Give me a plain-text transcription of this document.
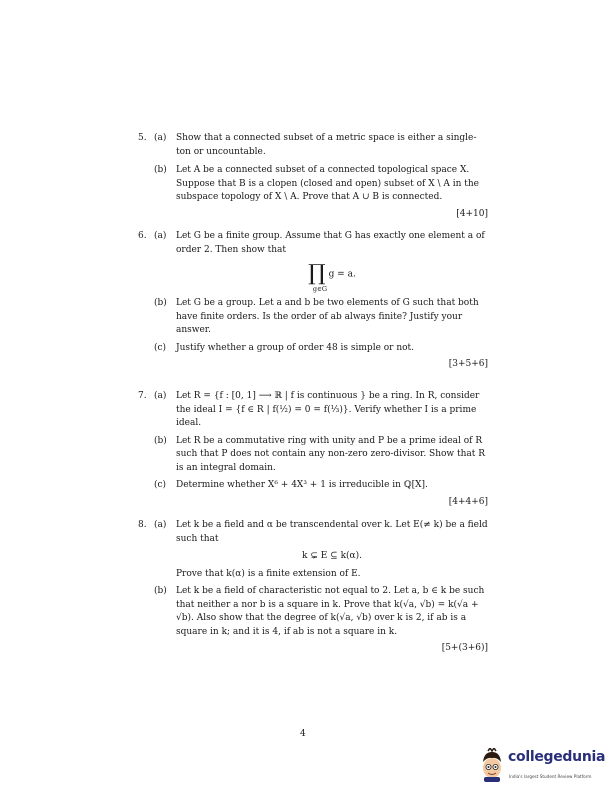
5. (a) Show that a connected subset of a metric space is either a single-ton or uncountable.
(b) Let A be a connected subset of a connected topological space X. Suppose that B is a clopen (closed and open) subset of X \ A in the subspace topology of X \ A. Prove that A ∪ B is connected.
[4+10]
6. (a) Let G be a finite group. Assume that G has exactly one element a of order 2. Then show that
∏ g = a.
g∈G
(b) Let G be a group. Let a and b be two elements of G such that both have finite orders. Is the order of ab always finite? Justify your answer.
(c) Justify whether a group of order 48 is simple or not.
[3+5+6]
7. (a) Let R = {f : [0, 1] ⟶ ℝ | f is continuous } be a ring. In R, consider the ideal I = {f ∈ R | f(½) = 0 = f(⅓)}. Verify whether I is a prime ideal.
(b) Let R be a commutative ring with unity and P be a prime ideal of R such that P does not contain any non-zero zero-divisor. Show that R is an integral domain.
(c) Determine whether X⁶ + 4X³ + 1 is irreducible in ℚ[X].
[4+4+6]
8. (a) Let k be a field and α be transcendental over k. Let E(≠ k) be a field such that
k ⊊ E ⊆ k(α).
Prove that k(α) is a finite extension of E.
(b) Let k be a field of characteristic not equal to 2. Let a, b ∈ k be such that neither a nor b is a square in k. Prove that k(√a, √b) = k(√a + √b). Also show that the degree of k(√a, √b) over k is 2, if ab is a square in k; and it is 4, if ab is not a square in k.
[5+(3+6)]
4
collegedunia
India's largest Student Review Platform
